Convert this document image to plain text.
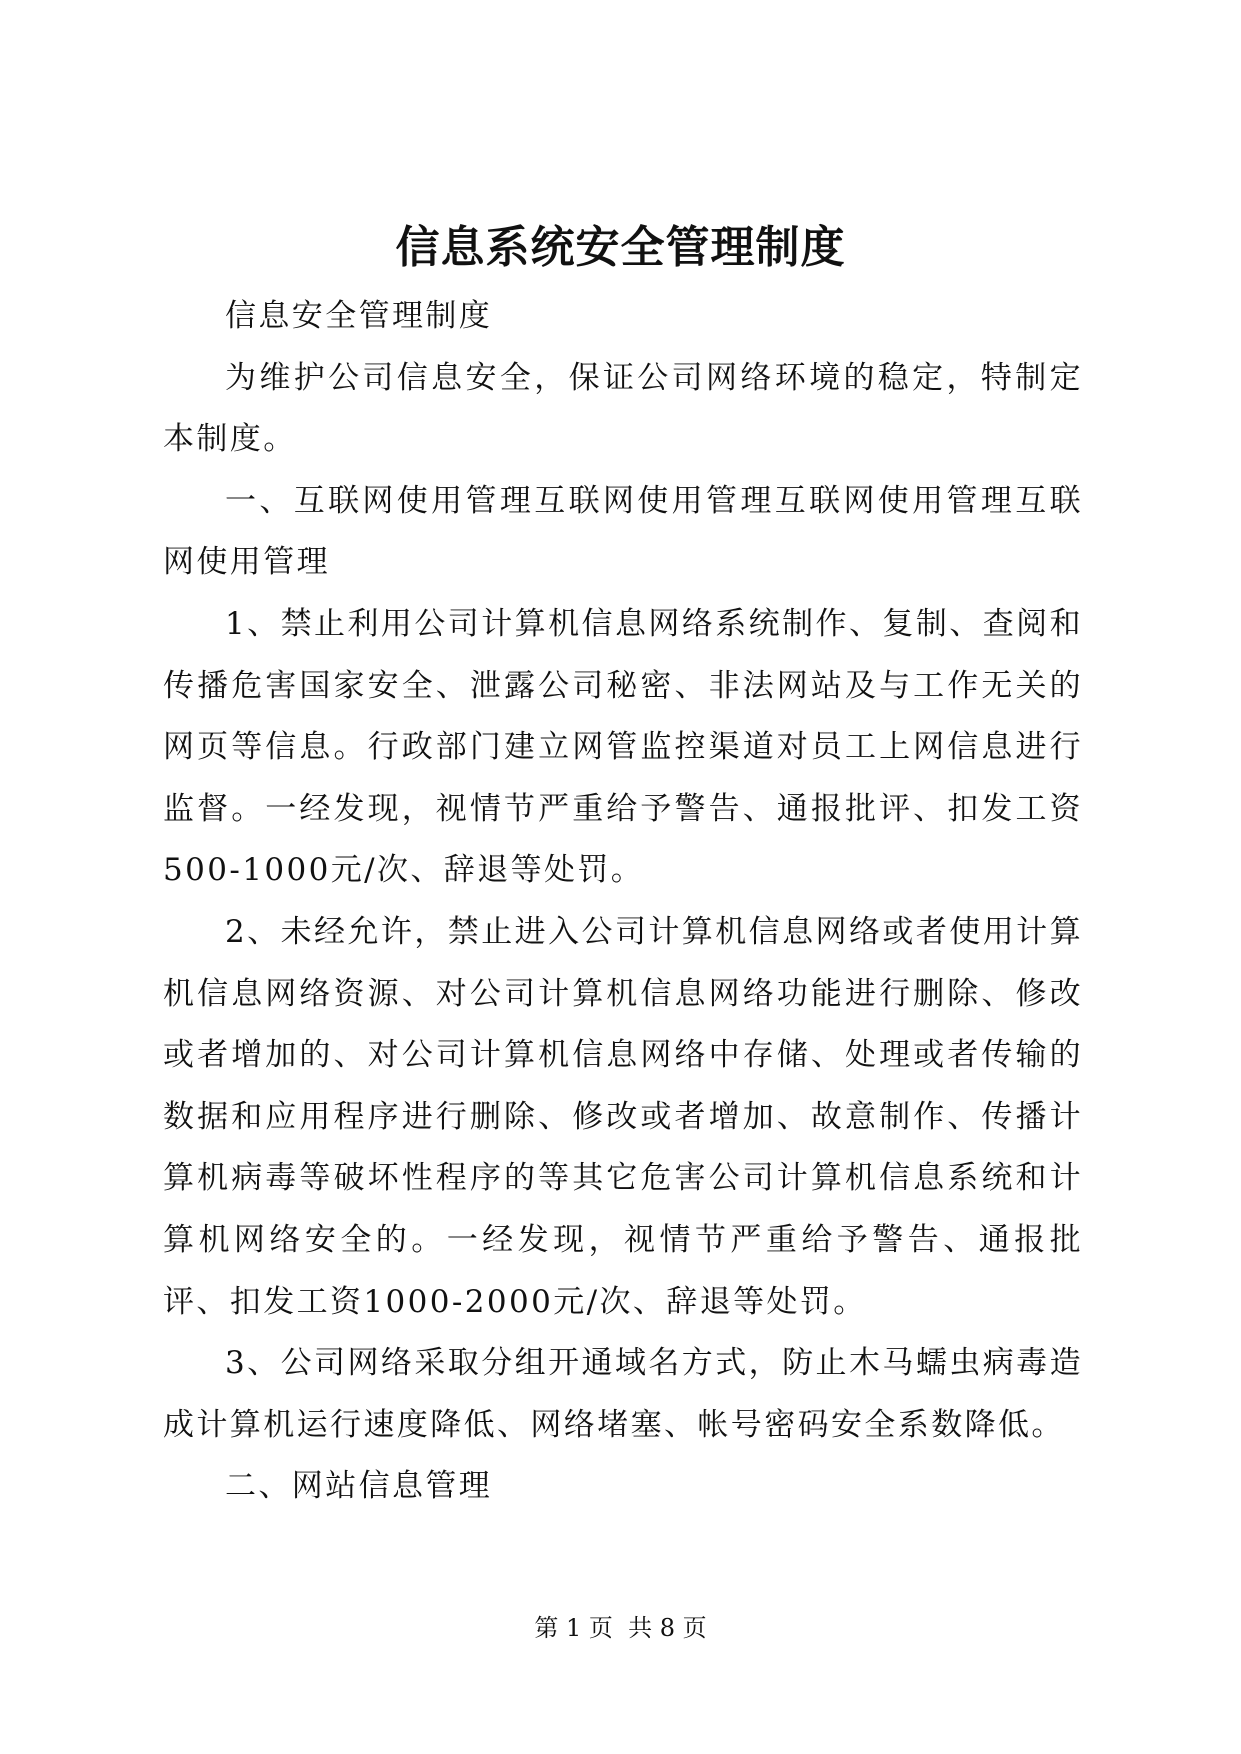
信息系统安全管理制度

信息安全管理制度

为维护公司信息安全，保证公司网络环境的稳定，特制定本制度。

一、互联网使用管理互联网使用管理互联网使用管理互联网使用管理

1、禁止利用公司计算机信息网络系统制作、复制、查阅和传播危害国家安全、泄露公司秘密、非法网站及与工作无关的网页等信息。行政部门建立网管监控渠道对员工上网信息进行监督。一经发现，视情节严重给予警告、通报批评、扣发工资500-1000元/次、辞退等处罚。

2、未经允许，禁止进入公司计算机信息网络或者使用计算机信息网络资源、对公司计算机信息网络功能进行删除、修改或者增加的、对公司计算机信息网络中存储、处理或者传输的数据和应用程序进行删除、修改或者增加、故意制作、传播计算机病毒等破坏性程序的等其它危害公司计算机信息系统和计算机网络安全的。一经发现，视情节严重给予警告、通报批评、扣发工资1000-2000元/次、辞退等处罚。

3、公司网络采取分组开通域名方式，防止木马蠕虫病毒造成计算机运行速度降低、网络堵塞、帐号密码安全系数降低。

二、网站信息管理

第 1 页  共 8 页
